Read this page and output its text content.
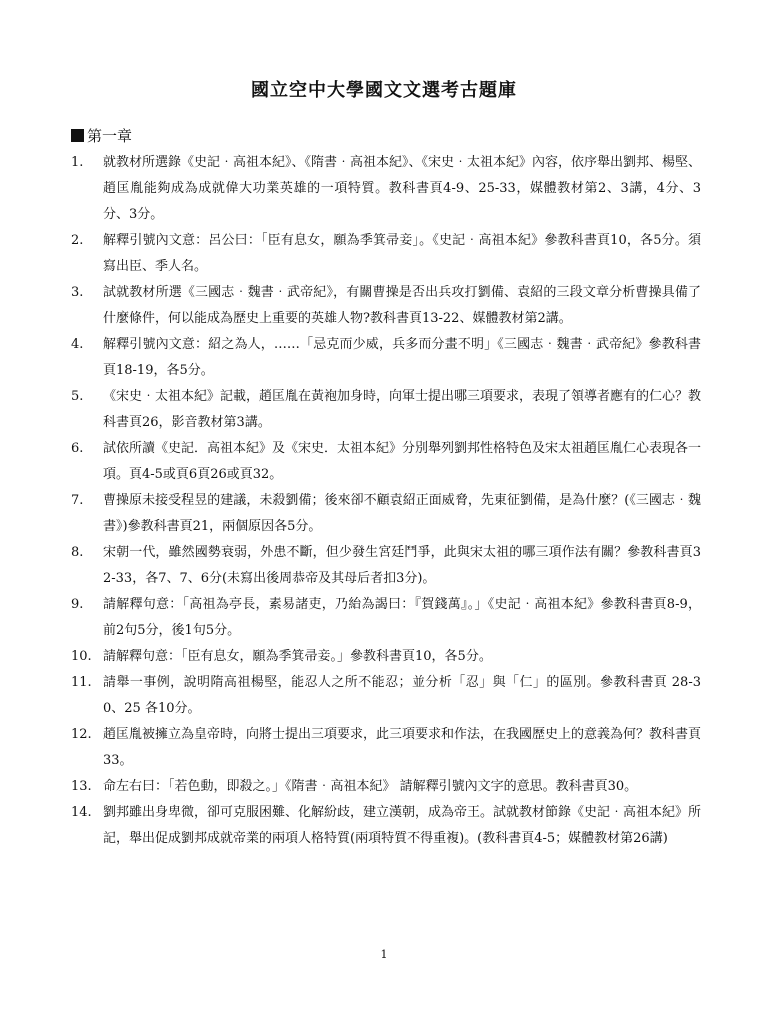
國立空中大學國文文選考古題庫
第一章
1.	就教材所選錄《史記‧高祖本紀》、《隋書‧高祖本紀》、《宋史‧太祖本紀》內容，依序舉出劉邦、楊堅、趙匡胤能夠成為成就偉大功業英雄的一項特質。教科書頁4-9、25-33，媒體教材第2、3講，4分、3分、3分。
2.	解釋引號內文意：呂公曰：「臣有息女，願為季箕帚妾」。《史記‧高祖本紀》參教科書頁10，各5分。須寫出臣、季人名。
3.	試就教材所選《三國志‧魏書‧武帝紀》，有關曹操是否出兵攻打劉備、袁紹的三段文章分析曹操具備了什麼條件，何以能成為歷史上重要的英雄人物?教科書頁13-22、媒體教材第2講。
4.	解釋引號內文意：紹之為人，……「忌克而少威，兵多而分畫不明」《三國志‧魏書‧武帝紀》參教科書頁18-19，各5分。
5.	《宋史‧太祖本紀》記載，趙匡胤在黃袍加身時，向軍士提出哪三項要求，表現了領導者應有的仁心？教科書頁26，影音教材第3講。
6.	試依所讀《史記．高祖本紀》及《宋史．太祖本紀》分別舉列劉邦性格特色及宋太祖趙匡胤仁心表現各一項。頁4-5或頁6頁26或頁32。
7.	曹操原未接受程昱的建議，未殺劉備；後來卻不顧袁紹正面威脅，先東征劉備，是為什麼？(《三國志‧魏書》)參教科書頁21，兩個原因各5分。
8.	宋朝一代，雖然國勢衰弱，外患不斷，但少發生宮廷鬥爭，此與宋太祖的哪三項作法有關？參教科書頁32-33，各7、7、6分(未寫出後周恭帝及其母后者扣3分)。
9.	請解釋句意：「高祖為亭長，素易諸吏，乃紿為謁曰：『賀錢萬』。」《史記‧高祖本紀》參教科書頁8-9，前2句5分，後1句5分。
10. 請解釋句意：「臣有息女，願為季箕帚妾。」參教科書頁10，各5分。
11. 請舉一事例，說明隋高祖楊堅，能忍人之所不能忍；並分析「忍」與「仁」的區別。參教科書頁 28-30、25 各10分。
12. 趙匡胤被擁立為皇帝時，向將士提出三項要求，此三項要求和作法，在我國歷史上的意義為何？教科書頁33。
13. 命左右曰：「若色動，即殺之。」《隋書‧高祖本紀》 請解釋引號內文字的意思。教科書頁30。
14. 劉邦雖出身卑微，卻可克服困難、化解紛歧，建立漢朝，成為帝王。試就教材節錄《史記‧高祖本紀》所記，舉出促成劉邦成就帝業的兩項人格特質(兩項特質不得重複)。(教科書頁4-5；媒體教材第26講)
1
